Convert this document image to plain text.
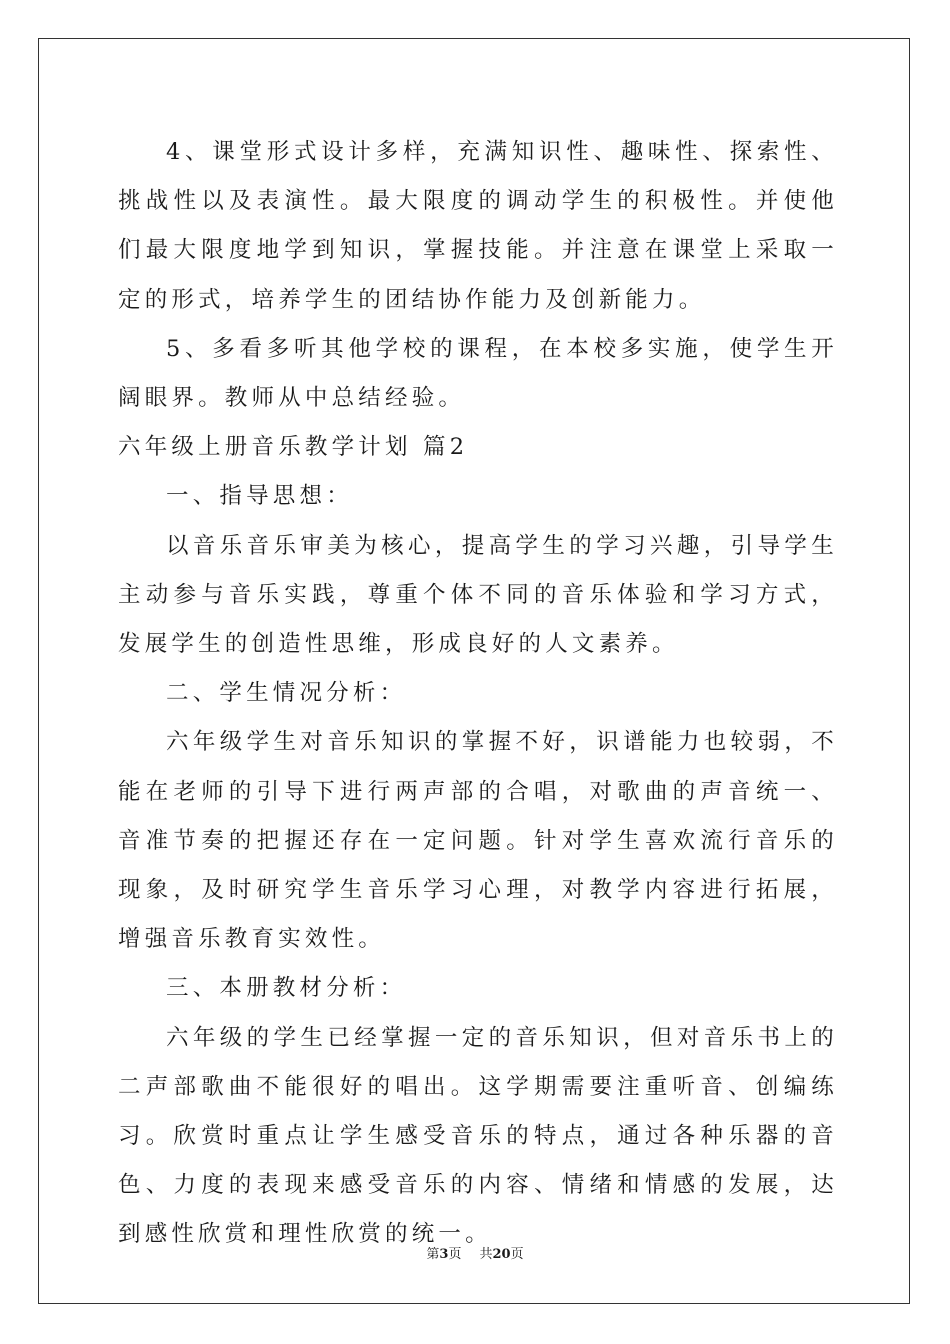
4、课堂形式设计多样，充满知识性、趣味性、探索性、挑战性以及表演性。最大限度的调动学生的积极性。并使他们最大限度地学到知识，掌握技能。并注意在课堂上采取一定的形式，培养学生的团结协作能力及创新能力。

5、多看多听其他学校的课程，在本校多实施，使学生开阔眼界。教师从中总结经验。

六年级上册音乐教学计划 篇2

一、指导思想：

以音乐音乐审美为核心，提高学生的学习兴趣，引导学生主动参与音乐实践，尊重个体不同的音乐体验和学习方式，发展学生的创造性思维，形成良好的人文素养。

二、学生情况分析：

六年级学生对音乐知识的掌握不好，识谱能力也较弱，不能在老师的引导下进行两声部的合唱，对歌曲的声音统一、音准节奏的把握还存在一定问题。针对学生喜欢流行音乐的现象，及时研究学生音乐学习心理，对教学内容进行拓展，增强音乐教育实效性。

三、本册教材分析：

六年级的学生已经掌握一定的音乐知识，但对音乐书上的二声部歌曲不能很好的唱出。这学期需要注重听音、创编练习。欣赏时重点让学生感受音乐的特点，通过各种乐器的音色、力度的表现来感受音乐的内容、情绪和情感的发展，达到感性欣赏和理性欣赏的统一。

第3页 共20页
